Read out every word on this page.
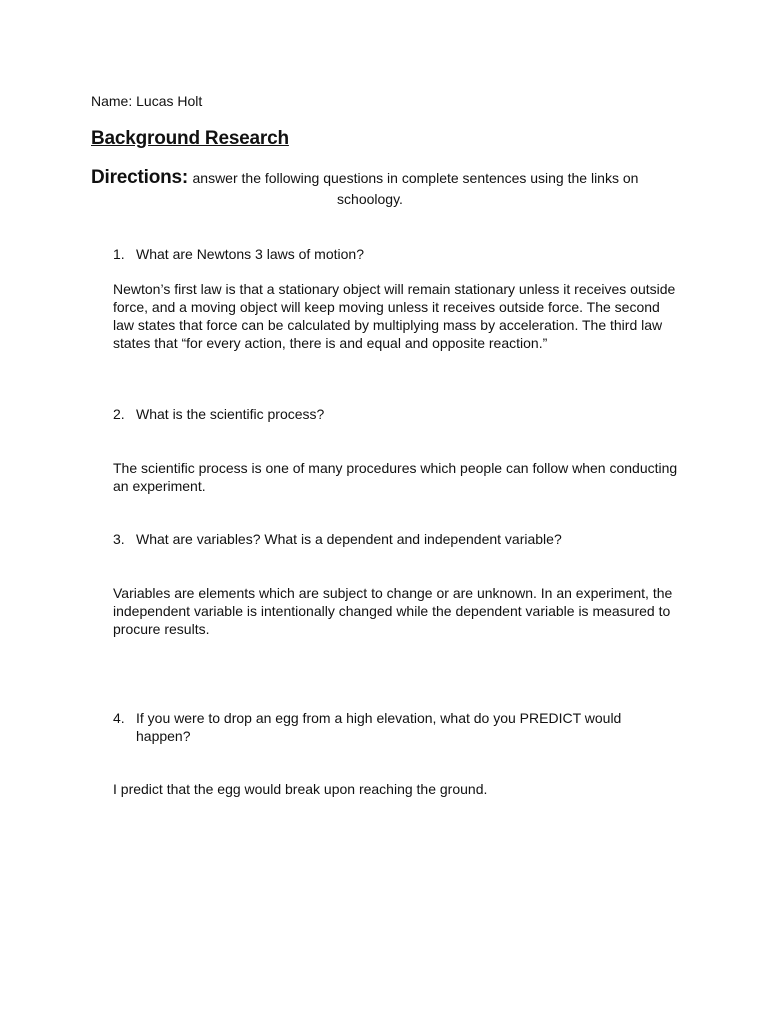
Name: Lucas Holt
Background Research
Directions: answer the following questions in complete sentences using the links on
schoology.
1. What are Newtons 3 laws of motion?
Newton’s first law is that a stationary object will remain stationary unless it receives outside force, and a moving object will keep moving unless it receives outside force. The second law states that force can be calculated by multiplying mass by acceleration. The third law states that “for every action, there is and equal and opposite reaction.”
2. What is the scientific process?
The scientific process is one of many procedures which people can follow when conducting an experiment.
3. What are variables? What is a dependent and independent variable?
Variables are elements which are subject to change or are unknown. In an experiment, the independent variable is intentionally changed while the dependent variable is measured to procure results.
4. If you were to drop an egg from a high elevation, what do you PREDICT would happen?
I predict that the egg would break upon reaching the ground.
